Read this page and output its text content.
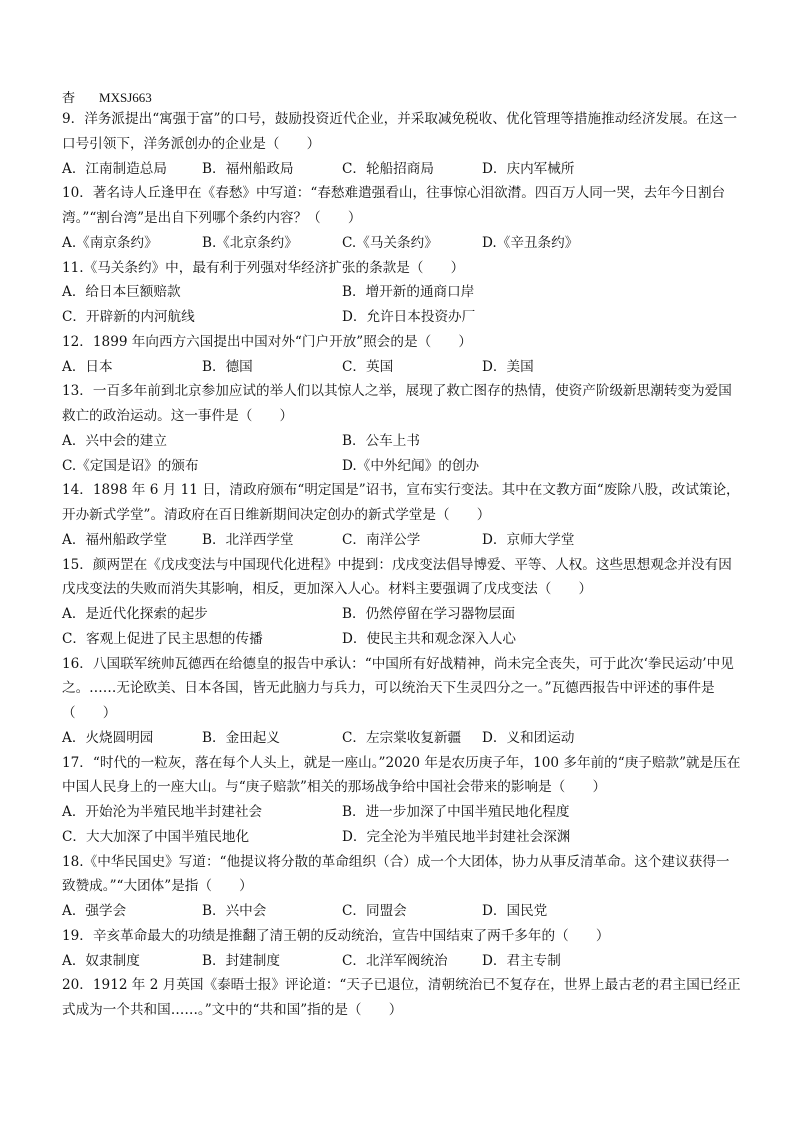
杳 MXSJ663
9．洋务派提出“寓强于富”的口号，鼓励投资近代企业，并采取减免税收、优化管理等措施推动经济发展。在这一口号引领下，洋务派创办的企业是（　　）
A．江南制造总局	B．福州船政局	C．轮船招商局	D．庆内军械所
10．著名诗人丘逢甲在《春愁》中写道：“春愁难遣强看山，往事惊心泪欲潸。四百万人同一哭，去年今日割台湾。”“割台湾”是出自下列哪个条约内容？（　　）
A.《南京条约》	B.《北京条约》	C.《马关条约》	D.《辛丑条约》
11.《马关条约》中，最有利于列强对华经济扩张的条款是（　　）
A．给日本巨额赔款	B．增开新的通商口岸
C．开辟新的内河航线	D．允许日本投资办厂
12．1899 年向西方六国提出中国对外“门户开放”照会的是（　　）
A．日本	B．德国	C．英国	D．美国
13．一百多年前到北京参加应试的举人们以其惊人之举，展现了救亡图存的热情，使资产阶级新思潮转变为爱国救亡的政治运动。这一事件是（　　）
A．兴中会的建立	B．公车上书
C.《定国是诏》的颁布	D.《中外纪闻》的创办
14．1898 年 6 月 11 日，清政府颁布“明定国是”诏书，宣布实行变法。其中在文教方面“废除八股，改试策论，开办新式学堂”。清政府在百日维新期间决定创办的新式学堂是（　　）
A．福州船政学堂	B．北洋西学堂	C．南洋公学	D．京师大学堂
15．颜两罡在《戊戌变法与中国现代化进程》中提到：戊戌变法倡导博爱、平等、人权。这些思想观念并没有因戊戌变法的失败而消失其影响，相反，更加深入人心。材料主要强调了戊戌变法（　　）
A．是近代化探索的起步	B．仍然停留在学习器物层面
C．客观上促进了民主思想的传播	D．使民主共和观念深入人心
16．八国联军统帅瓦德西在给德皇的报告中承认：“中国所有好战精神，尚未完全丧失，可于此次‘拳民运动’中见之。……无论欧美、日本各国，皆无此脑力与兵力，可以统治天下生灵四分之一。”瓦德西报告中评述的事件是（　　）
A．火烧圆明园	B．金田起义	C．左宗棠收复新疆 D．义和团运动
17．“时代的一粒灰，落在每个人头上，就是一座山。”2020 年是农历庚子年，100 多年前的“庚子赔款”就是压在中国人民身上的一座大山。与“庚子赔款”相关的那场战争给中国社会带来的影响是（　　）
A．开始沦为半殖民地半封建社会	B．进一步加深了中国半殖民地化程度
C．大大加深了中国半殖民地化	D．完全沦为半殖民地半封建社会深渊
18.《中华民国史》写道：“他提议将分散的革命组织（合）成一个大团体，协力从事反清革命。这个建议获得一致赞成。”“大团体”是指（　　）
A．强学会	B．兴中会	C．同盟会	D．国民党
19．辛亥革命最大的功绩是推翻了清王朝的反动统治，宣告中国结束了两千多年的（　　）
A．奴隶制度	B．封建制度	C．北洋军阀统治	D．君主专制
20．1912 年 2 月英国《泰晤士报》评论道：“天子已退位，清朝统治已不复存在，世界上最古老的君主国已经正式成为一个共和国……。”文中的“共和国”指的是（　　）
